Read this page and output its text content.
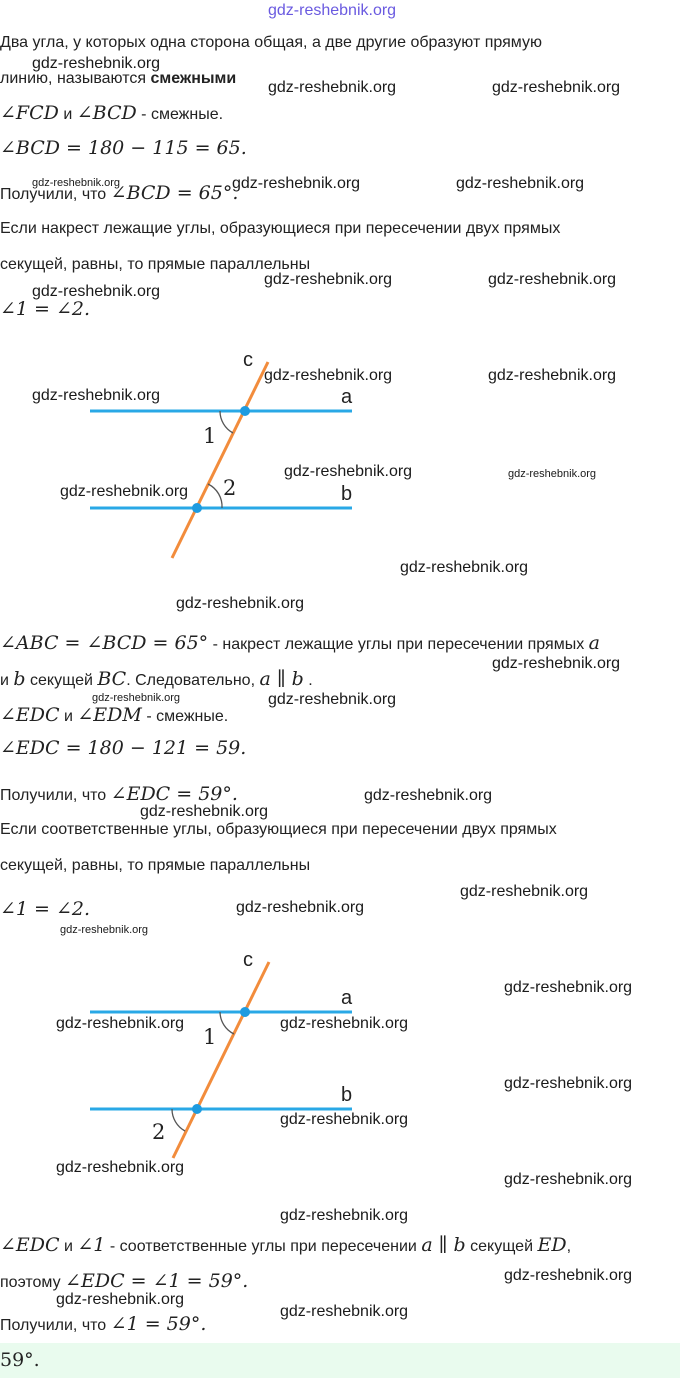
gdz-reshebnik.org
Два угла, у которых одна сторона общая, а две другие образуют прямую
линию, называются смежными
∠FCD и ∠BCD - смежные.
∠BCD = 180 − 115 = 65.
Получили, что ∠BCD = 65°.
Если накрест лежащие углы, образующиеся при пересечении двух прямых
секущей, равны, то прямые параллельны
∠1 = ∠2.
c
a
b
1
2
∠ABC = ∠BCD = 65° - накрест лежащие углы при пересечении прямых a
и b секущей BC. Следовательно, a ∥ b .
∠EDC и ∠EDM - смежные.
∠EDC = 180 − 121 = 59.
Получили, что ∠EDC = 59°.
Если соответственные углы, образующиеся при пересечении двух прямых
секущей, равны, то прямые параллельны
∠1 = ∠2.
c
a
b
1
2
∠EDC и ∠1 - соответственные углы при пересечении a ∥ b секущей ED,
поэтому ∠EDC = ∠1 = 59°.
Получили, что ∠1 = 59°.
59°.
gdz-reshebnik.org
gdz-reshebnik.org	gdz-reshebnik.org
gdz-reshebnik.org	gdz-reshebnik.org	gdz-reshebnik.org
gdz-reshebnik.org	gdz-reshebnik.org
gdz-reshebnik.org
gdz-reshebnik.org	gdz-reshebnik.org
gdz-reshebnik.org
gdz-reshebnik.org	gdz-reshebnik.org
gdz-reshebnik.org
gdz-reshebnik.org
gdz-reshebnik.org
gdz-reshebnik.org
gdz-reshebnik.org	gdz-reshebnik.org
gdz-reshebnik.org
gdz-reshebnik.org
gdz-reshebnik.org
gdz-reshebnik.org
gdz-reshebnik.org
gdz-reshebnik.org
gdz-reshebnik.org	gdz-reshebnik.org
gdz-reshebnik.org
gdz-reshebnik.org
gdz-reshebnik.org
gdz-reshebnik.org
gdz-reshebnik.org
gdz-reshebnik.org
gdz-reshebnik.org
gdz-reshebnik.org
